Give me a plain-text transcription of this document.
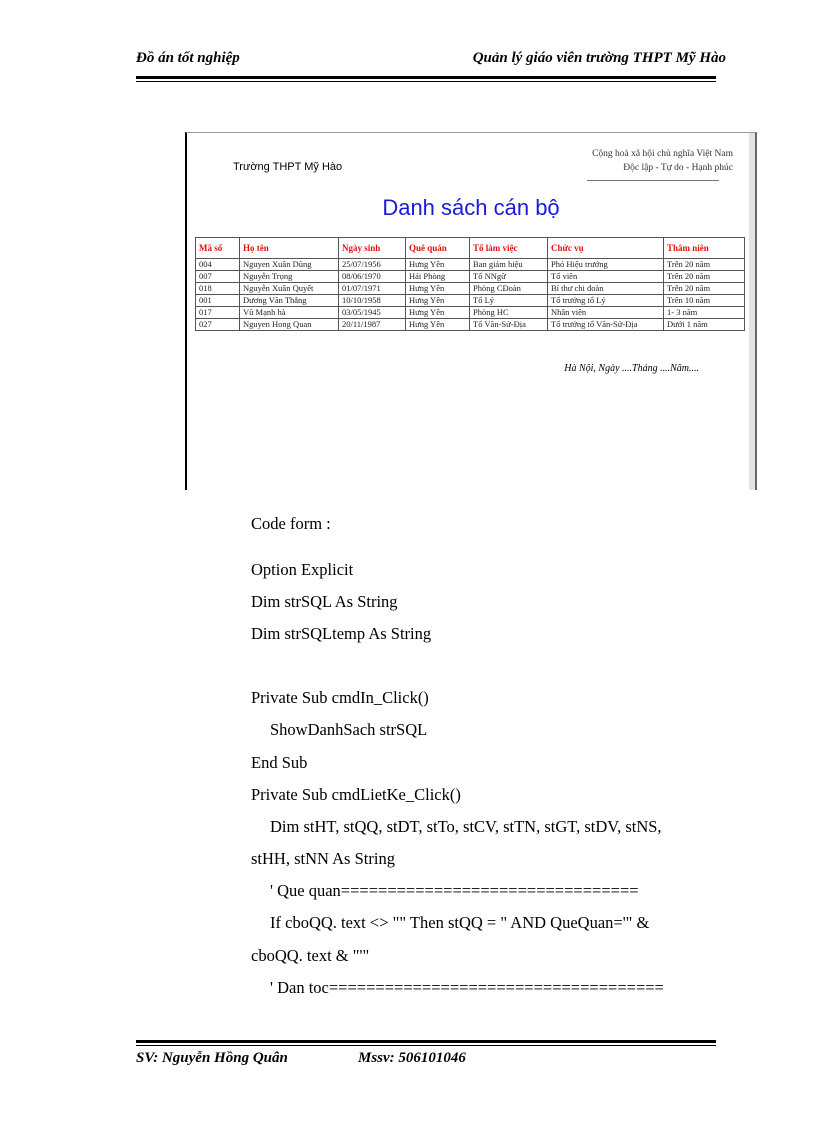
Đồ án tốt nghiệp	Quản lý giáo viên trường THPT Mỹ Hào
Trường THPT Mỹ Hào
Cộng hoà xã hội chủ nghĩa Việt Nam
Độc lập - Tự do - Hạnh phúc
Danh sách cán bộ
Mã số	Họ tên	Ngày sinh	Quê quán	Tổ làm việc	Chức vụ	Thâm niên
004	Nguyen Xuân Dũng	25/07/1956	Hưng Yên	Ban giám hiệu	Phó Hiệu trưởng	Trên 20 năm
007	Nguyễn Trọng	08/06/1970	Hải Phòng	Tổ NNgữ	Tổ viên	Trên 20 năm
018	Nguyễn Xuân Quyết	01/07/1971	Hưng Yên	Phòng CĐoàn	Bí thư chi đoàn	Trên 20 năm
001	Dương Văn Thắng	10/10/1958	Hưng Yên	Tổ Lý	Tổ trưởng tổ Lý	Trên 10 năm
017	Vũ Mạnh hà	03/05/1945	Hưng Yên	Phòng HC	Nhân viên	1- 3 năm
027	Nguyen Hong Quan	20/11/1987	Hưng Yên	Tổ Văn-Sử-Địa	Tổ trưởng tổ Văn-Sử-Địa	Dưới 1 năm
Hà Nội, Ngày ....Tháng ....Năm....
Code form :
Option Explicit
Dim strSQL As String
Dim strSQLtemp As String
Private Sub cmdIn_Click()
ShowDanhSach strSQL
End Sub
Private Sub cmdLietKe_Click()
Dim stHT, stQQ, stDT, stTo, stCV, stTN, stGT, stDV, stNS,
stHH, stNN As String
' Que quan================================
If cboQQ. text <> "" Then stQQ = " AND QueQuan='" &
cboQQ. text & "'"
' Dan toc====================================
SV: Nguyễn Hồng Quân	Mssv: 506101046
